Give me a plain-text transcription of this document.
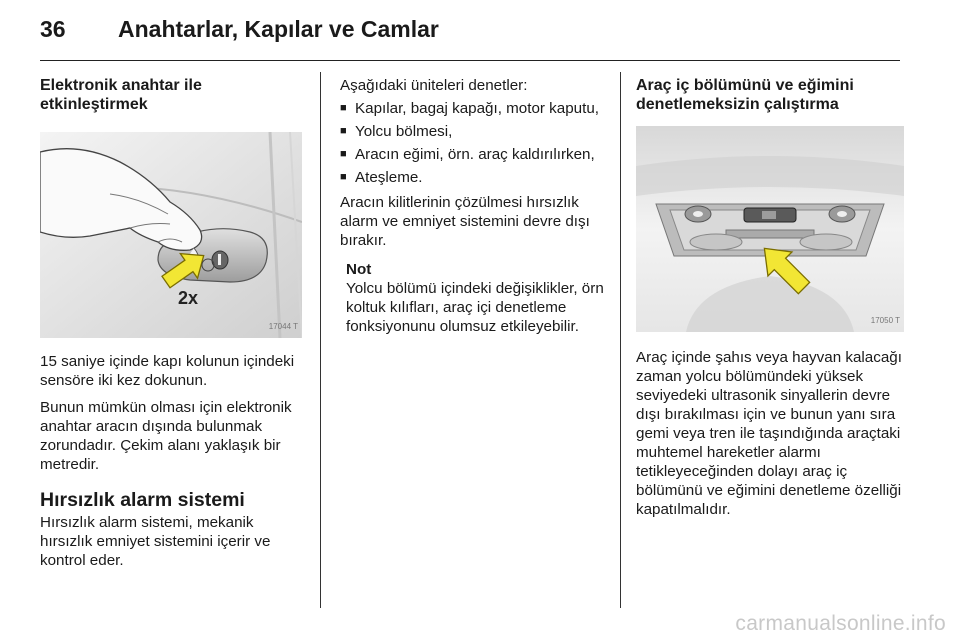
36 Anahtarlar, Kapılar ve Camlar
Elektronik anahtar ile
etkinleştirmek
2x
17044 T

15 saniye içinde kapı kolunun içindeki sensöre iki kez dokunun.

Bunun mümkün olması için elektronik anahtar aracın dışında bulunmak zorundadır. Çekim alanı yaklaşık bir metredir.

Hırsızlık alarm sistemi

Hırsızlık alarm sistemi, mekanik hırsızlık emniyet sistemini içerir ve kontrol eder.

Aşağıdaki üniteleri denetler:

■ Kapılar, bagaj kapağı, motor kaputu,
■ Yolcu bölmesi,
■ Aracın eğimi, örn. araç kaldırılırken,
■ Ateşleme.

Aracın kilitlerinin çözülmesi hırsızlık alarm ve emniyet sistemini devre dışı bırakır.

Not
Yolcu bölümü içindeki değişiklikler, örn koltuk kılıfları, araç içi denetleme fonksiyonunu olumsuz etkileyebilir.
Araç iç bölümünü ve eğimini
denetlemeksizin çalıştırma
17050 T

Araç içinde şahıs veya hayvan kalacağı zaman yolcu bölümündeki yüksek seviyedeki ultrasonik sinyallerin devre dışı bırakılması için ve bunun yanı sıra gemi veya tren ile taşındığında araçtaki muhtemel hareketler alarmı tetikleyeceğinden dolayı araç iç bölümünü ve eğimini denetleme özelliği kapatılmalıdır.

carmanualsonline.info
